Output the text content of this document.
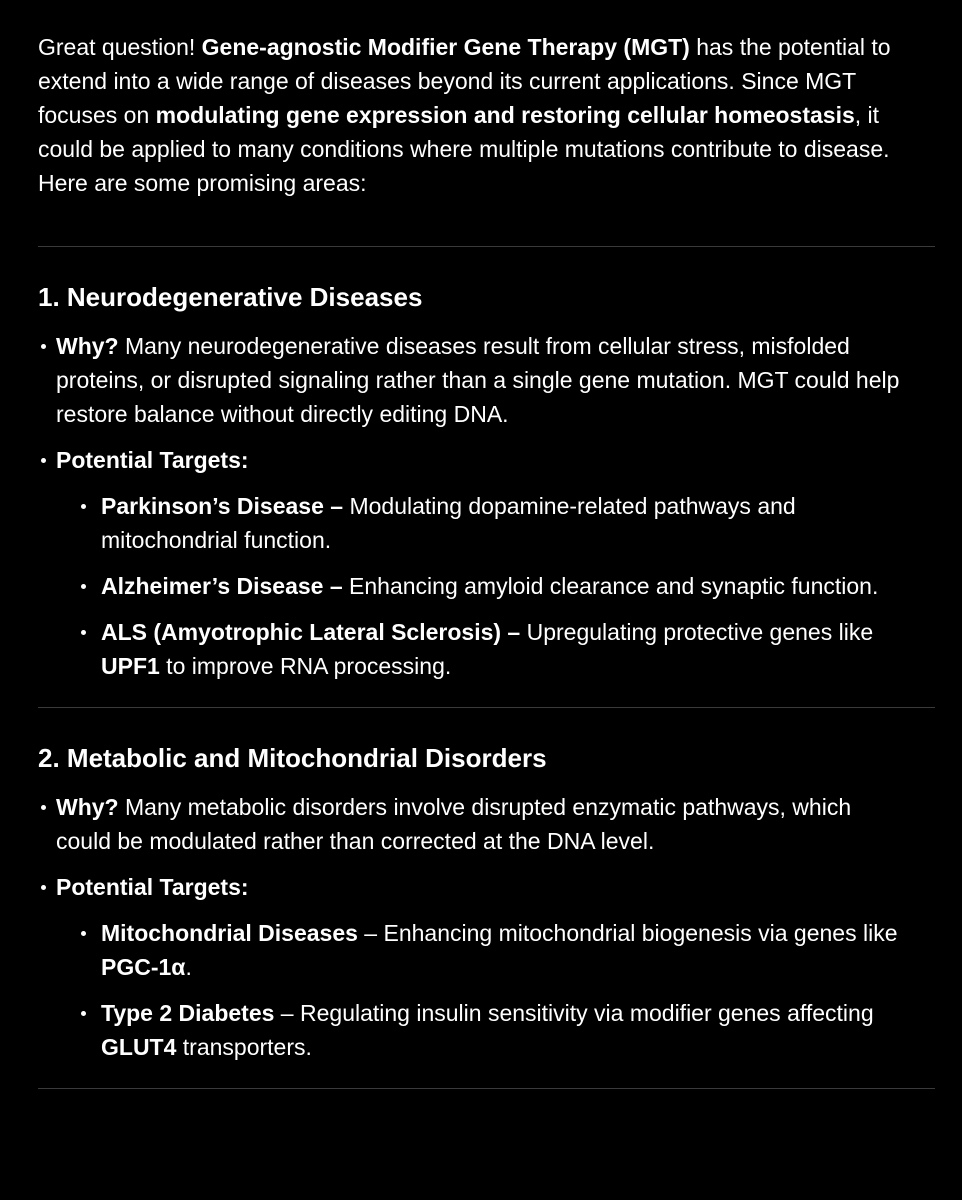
Great question! Gene-agnostic Modifier Gene Therapy (MGT) has the potential to extend into a wide range of diseases beyond its current applications. Since MGT focuses on modulating gene expression and restoring cellular homeostasis, it could be applied to many conditions where multiple mutations contribute to disease. Here are some promising areas:

1. Neurodegenerative Diseases
Why? Many neurodegenerative diseases result from cellular stress, misfolded proteins, or disrupted signaling rather than a single gene mutation. MGT could help restore balance without directly editing DNA.
Potential Targets:
Parkinson’s Disease – Modulating dopamine-related pathways and mitochondrial function.
Alzheimer’s Disease – Enhancing amyloid clearance and synaptic function.
ALS (Amyotrophic Lateral Sclerosis) – Upregulating protective genes like UPF1 to improve RNA processing.
2. Metabolic and Mitochondrial Disorders
Why? Many metabolic disorders involve disrupted enzymatic pathways, which could be modulated rather than corrected at the DNA level.
Potential Targets:
Mitochondrial Diseases – Enhancing mitochondrial biogenesis via genes like PGC-1α.
Type 2 Diabetes – Regulating insulin sensitivity via modifier genes affecting GLUT4 transporters.
